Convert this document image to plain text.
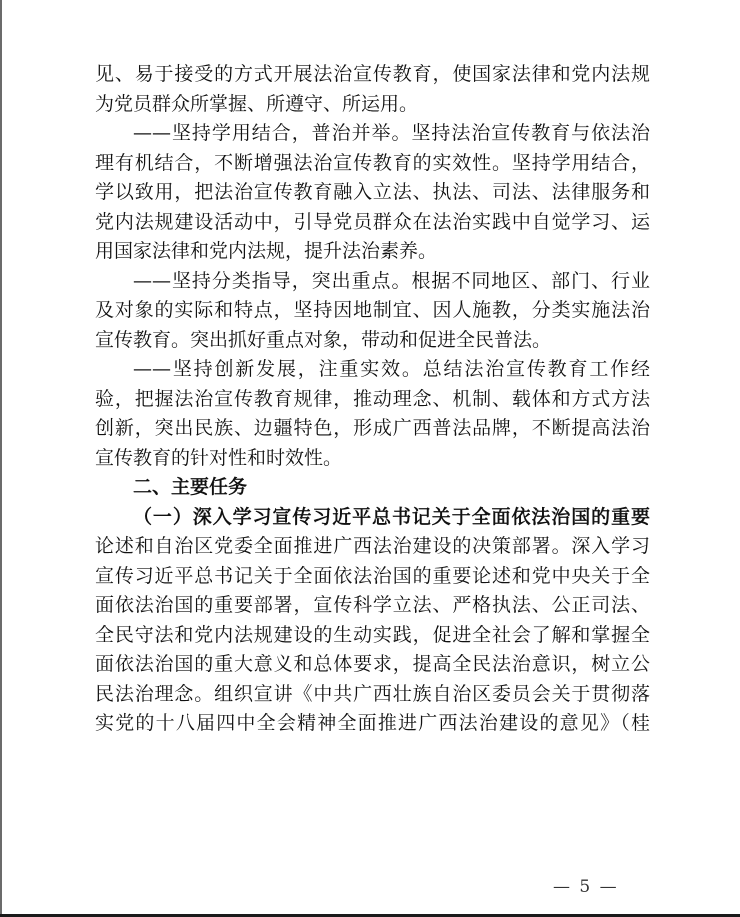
见、易于接受的方式开展法治宣传教育，使国家法律和党内法规
为党员群众所掌握、所遵守、所运用。
——坚持学用结合，普治并举。坚持法治宣传教育与依法治
理有机结合，不断增强法治宣传教育的实效性。坚持学用结合，
学以致用，把法治宣传教育融入立法、执法、司法、法律服务和
党内法规建设活动中，引导党员群众在法治实践中自觉学习、运
用国家法律和党内法规，提升法治素养。
——坚持分类指导，突出重点。根据不同地区、部门、行业
及对象的实际和特点，坚持因地制宜、因人施教，分类实施法治
宣传教育。突出抓好重点对象，带动和促进全民普法。
——坚持创新发展，注重实效。总结法治宣传教育工作经
验，把握法治宣传教育规律，推动理念、机制、载体和方式方法
创新，突出民族、边疆特色，形成广西普法品牌，不断提高法治
宣传教育的针对性和时效性。
二、主要任务
（一）深入学习宣传习近平总书记关于全面依法治国的重要
论述和自治区党委全面推进广西法治建设的决策部署。深入学习
宣传习近平总书记关于全面依法治国的重要论述和党中央关于全
面依法治国的重要部署，宣传科学立法、严格执法、公正司法、
全民守法和党内法规建设的生动实践，促进全社会了解和掌握全
面依法治国的重大意义和总体要求，提高全民法治意识，树立公
民法治理念。组织宣讲《中共广西壮族自治区委员会关于贯彻落
实党的十八届四中全会精神全面推进广西法治建设的意见》（桂
— 5 —
